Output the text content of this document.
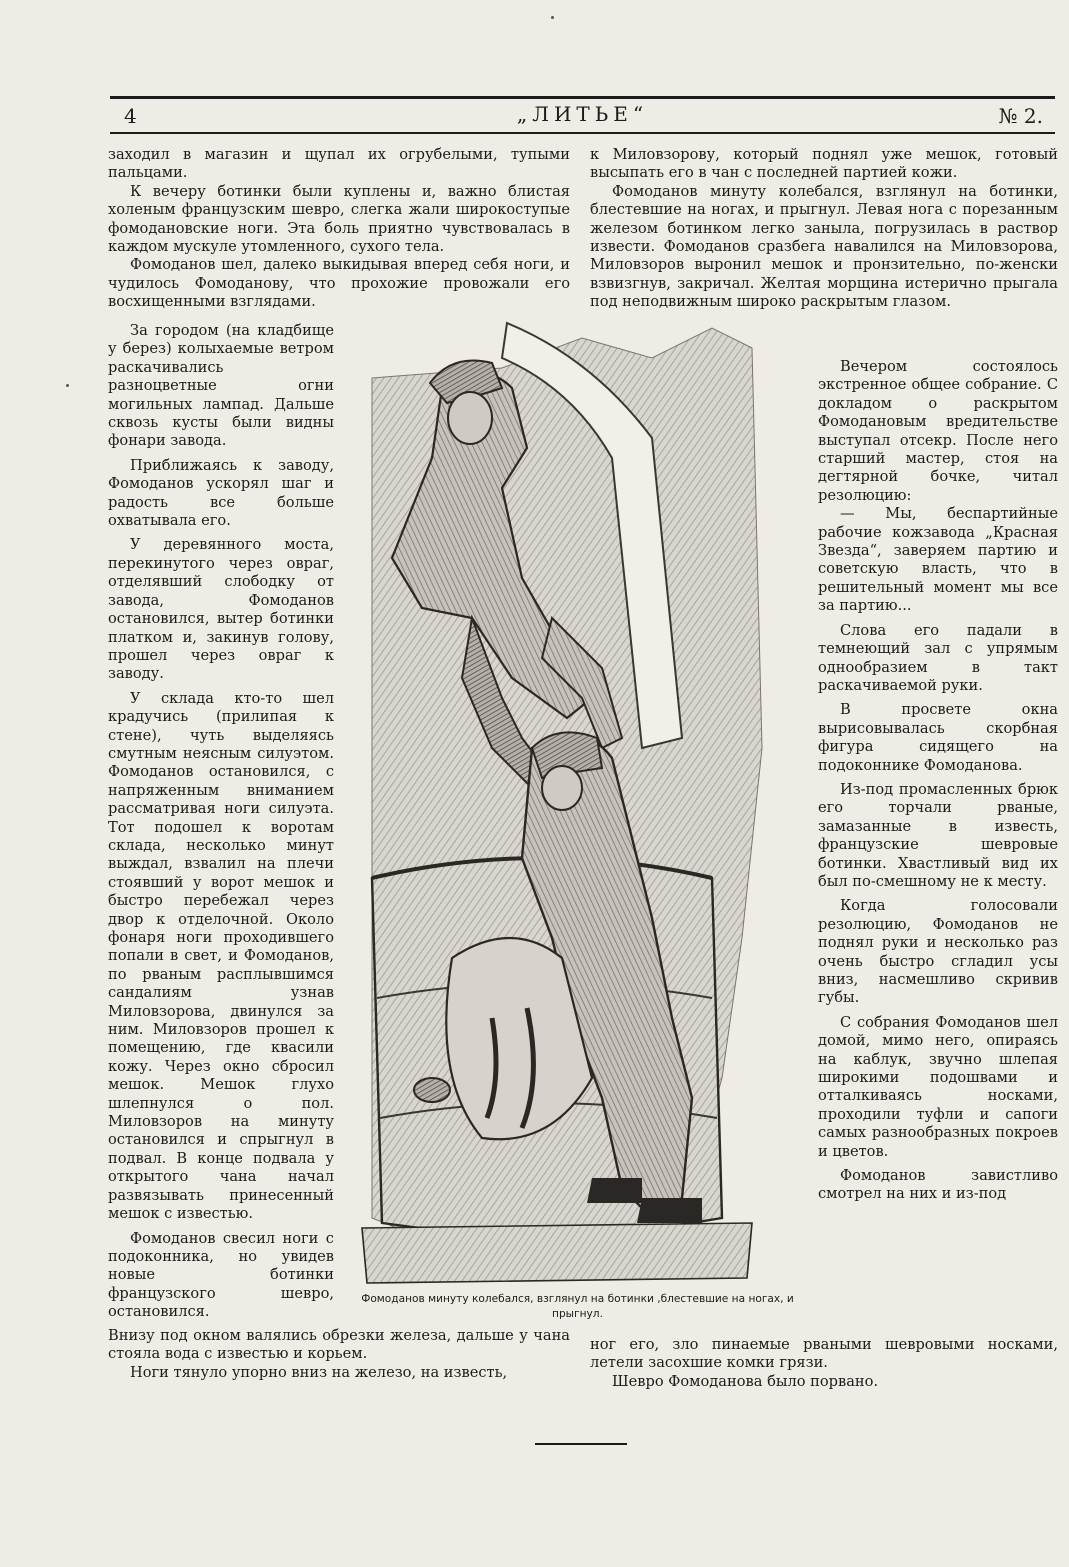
4	„ЛИТЬЕ“	№ 2.

заходил в магазин и щупал их огрубелыми, тупыми пальцами.

К вечеру ботинки были куплены и, важно блистая холеным французским шевро, слегка жали широкоступые фомодановские ноги. Эта боль приятно чувствовалась в каждом мускуле утомленного, сухого тела.

Фомоданов шел, далеко выкидывая вперед себя ноги, и чудилось Фомоданову, что прохожие провожали его восхищенными взглядами.

За городом (на кладбище у берез) колыхаемые ветром раскачивались разноцветные огни могильных лампад. Дальше сквозь кусты были видны фонари завода.

Приближаясь к заводу, Фомоданов ускорял шаг и радость все больше охватывала его.

У деревянного моста, перекинутого через овраг, отделявший слободку от завода, Фомоданов остановился, вытер ботинки платком и, закинув голову, прошел через овраг к заводу.

У склада кто-то шел крадучись (прилипая к стене), чуть выделяясь смутным неясным силуэтом. Фомоданов остановился, с напряженным вниманием рассматривая ноги силуэта. Тот подошел к воротам склада, несколько минут выждал, взвалил на плечи стоявший у ворот мешок и быстро перебежал через двор к отделочной. Около фонаря ноги проходившего попали в свет, и Фомоданов, по рваным расплывшимся сандалиям узнав Миловзорова, двинулся за ним. Миловзоров прошел к помещению, где квасили кожу. Через окно сбросил мешок. Мешок глухо шлепнулся о пол. Миловзоров на минуту остановился и спрыгнул в подвал. В конце подвала у открытого чана начал развязывать принесенный мешок с известью.

Фомоданов свесил ноги с подоконника, но увидев новые ботинки французского шевро, остановился.

Внизу под окном валялись обрезки железа, дальше у чана стояла вода с известью и корьем.

Ноги тянуло упорно вниз на железо, на известь,

к Миловзорову, который поднял уже мешок, готовый высыпать его в чан с последней партией кожи.

Фомоданов минуту колебался, взглянул на ботинки, блестевшие на ногах, и прыгнул. Левая нога с порезанным железом ботинком легко заныла, погрузилась в раствор извести. Фомоданов сразбега навалился на Миловзорова, Миловзоров выронил мешок и пронзительно, по-женски взвизгнув, закричал. Желтая морщина истерично прыгала под неподвижным широко раскрытым глазом.

Вечером состоялось экстренное общее собрание. С докладом о раскрытом Фомодановым вредительстве выступал отсекр. После него старший мастер, стоя на дегтярной бочке, читал резолюцию:

— Мы, беспартийные рабочие кожзавода „Красная Звезда“, заверяем партию и советскую власть, что в решительный момент мы все за партию...

Слова его падали в темнеющий зал с упрямым однообразием в такт раскачиваемой руки.

В просвете окна вырисовывалась скорбная фигура сидящего на подоконнике Фомоданова.

Из-под промасленных брюк его торчали рваные, замазанные в известь, французские шевровые ботинки. Хвастливый вид их был по-смешному не к месту.

Когда голосовали резолюцию, Фомоданов не поднял руки и несколько раз очень быстро сгладил усы вниз, насмешливо скривив губы.

С собрания Фомоданов шел домой, мимо него, опираясь на каблук, звучно шлепая широкими подошвами и отталкиваясь носками, проходили туфли и сапоги самых разнообразных покроев и цветов.

Фомоданов завистливо смотрел на них и из-под

ног его, зло пинаемые рваными шевровыми носками, летели засохшие комки грязи.

Шевро Фомоданова было порвано.

Фомоданов минуту колебался, взглянул на ботинки ,блестевшие на ногах, и прыгнул.
